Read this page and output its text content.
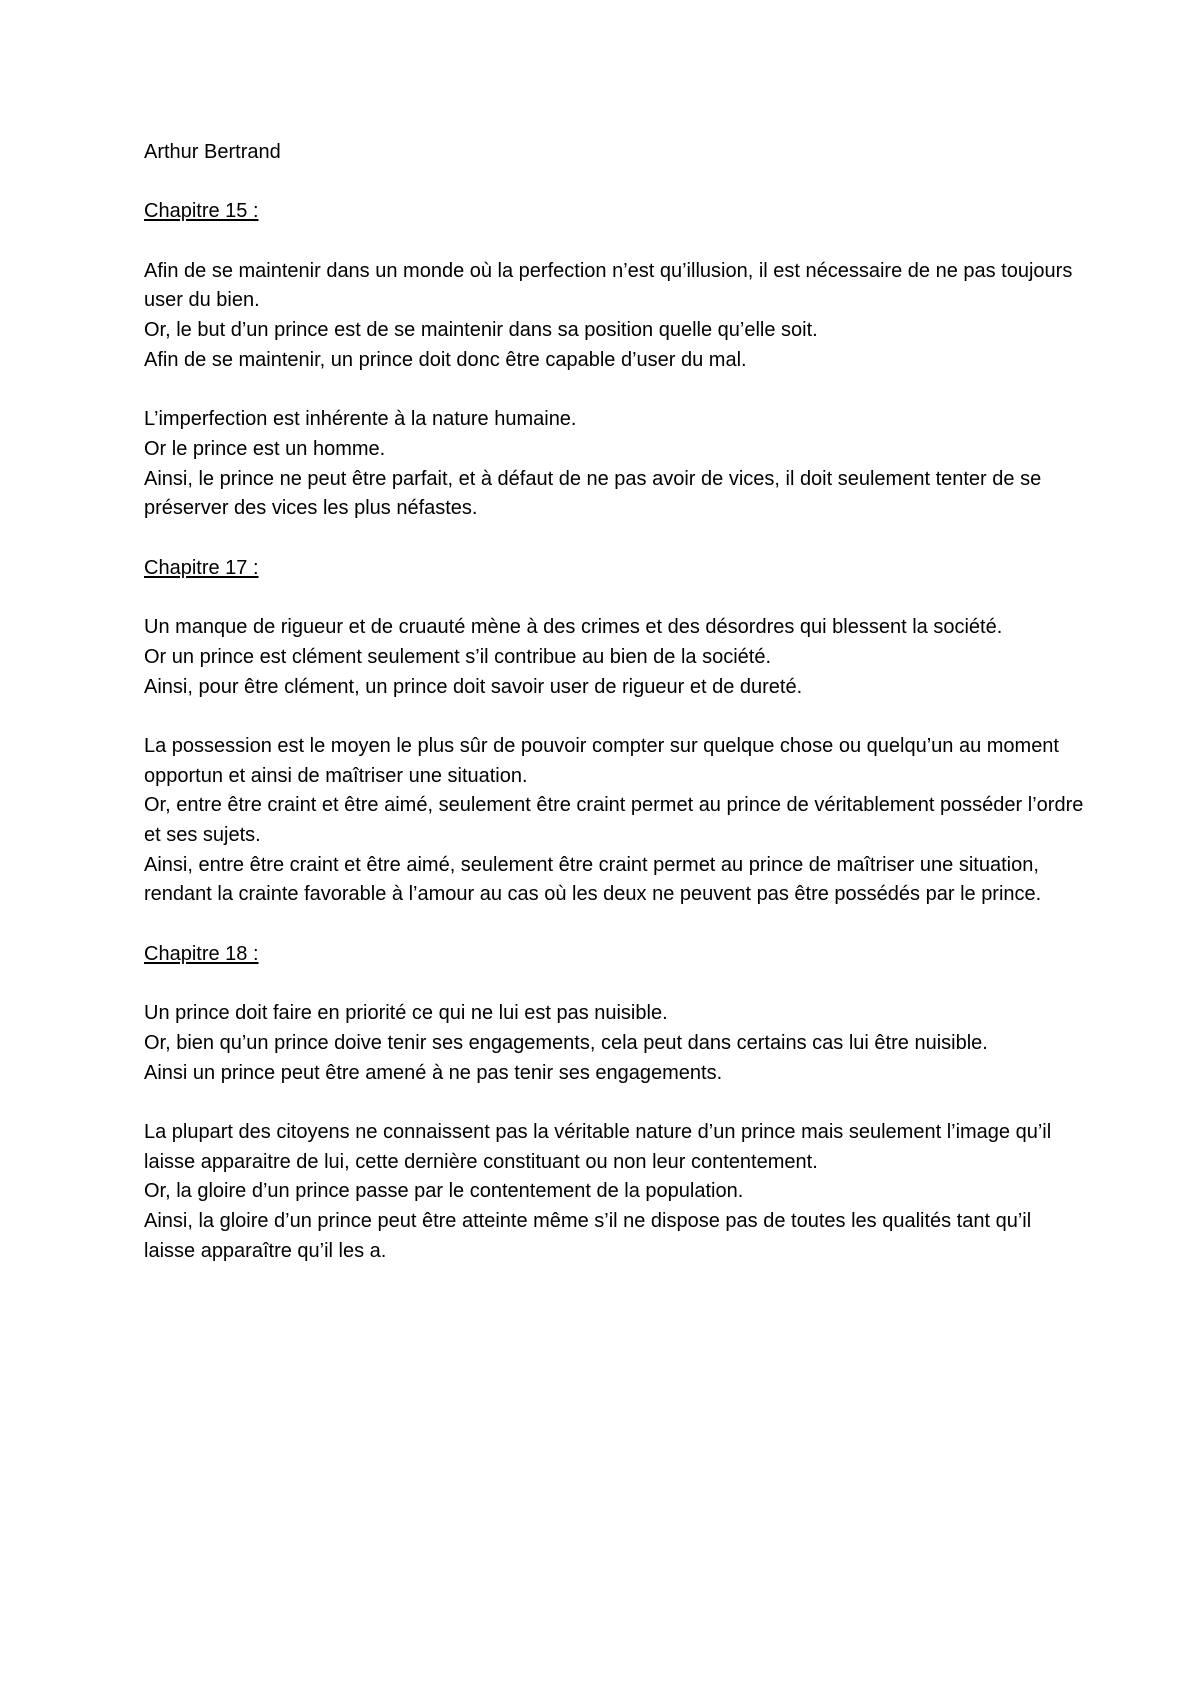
Arthur Bertrand

Chapitre 15 :

Afin de se maintenir dans un monde où la perfection n’est qu’illusion, il est nécessaire de ne pas toujours user du bien.
Or, le but d’un prince est de se maintenir dans sa position quelle qu’elle soit.
Afin de se maintenir, un prince doit donc être capable d’user du mal.

L’imperfection est inhérente à la nature humaine.
Or le prince est un homme.
Ainsi, le prince ne peut être parfait, et à défaut de ne pas avoir de vices, il doit seulement tenter de se préserver des vices les plus néfastes.

Chapitre 17 :

Un manque de rigueur et de cruauté mène à des crimes et des désordres qui blessent la société.
Or un prince est clément seulement s’il contribue au bien de la société.
Ainsi, pour être clément, un prince doit savoir user de rigueur et de dureté.

La possession est le moyen le plus sûr de pouvoir compter sur quelque chose ou quelqu’un au moment opportun et ainsi de maîtriser une situation.
Or, entre être craint et être aimé, seulement être craint permet au prince de véritablement posséder l’ordre et ses sujets.
Ainsi, entre être craint et être aimé, seulement être craint permet au prince de maîtriser une situation, rendant la crainte favorable à l’amour au cas où les deux ne peuvent pas être possédés par le prince.

Chapitre 18 :

Un prince doit faire en priorité ce qui ne lui est pas nuisible.
Or, bien qu’un prince doive tenir ses engagements, cela peut dans certains cas lui être nuisible.
Ainsi un prince peut être amené à ne pas tenir ses engagements.

La plupart des citoyens ne connaissent pas la véritable nature d’un prince mais seulement l’image qu’il laisse apparaitre de lui, cette dernière constituant ou non leur contentement.
Or, la gloire d’un prince passe par le contentement de la population.
Ainsi, la gloire d’un prince peut être atteinte même s’il ne dispose pas de toutes les qualités tant qu’il laisse apparaître qu’il les a.
